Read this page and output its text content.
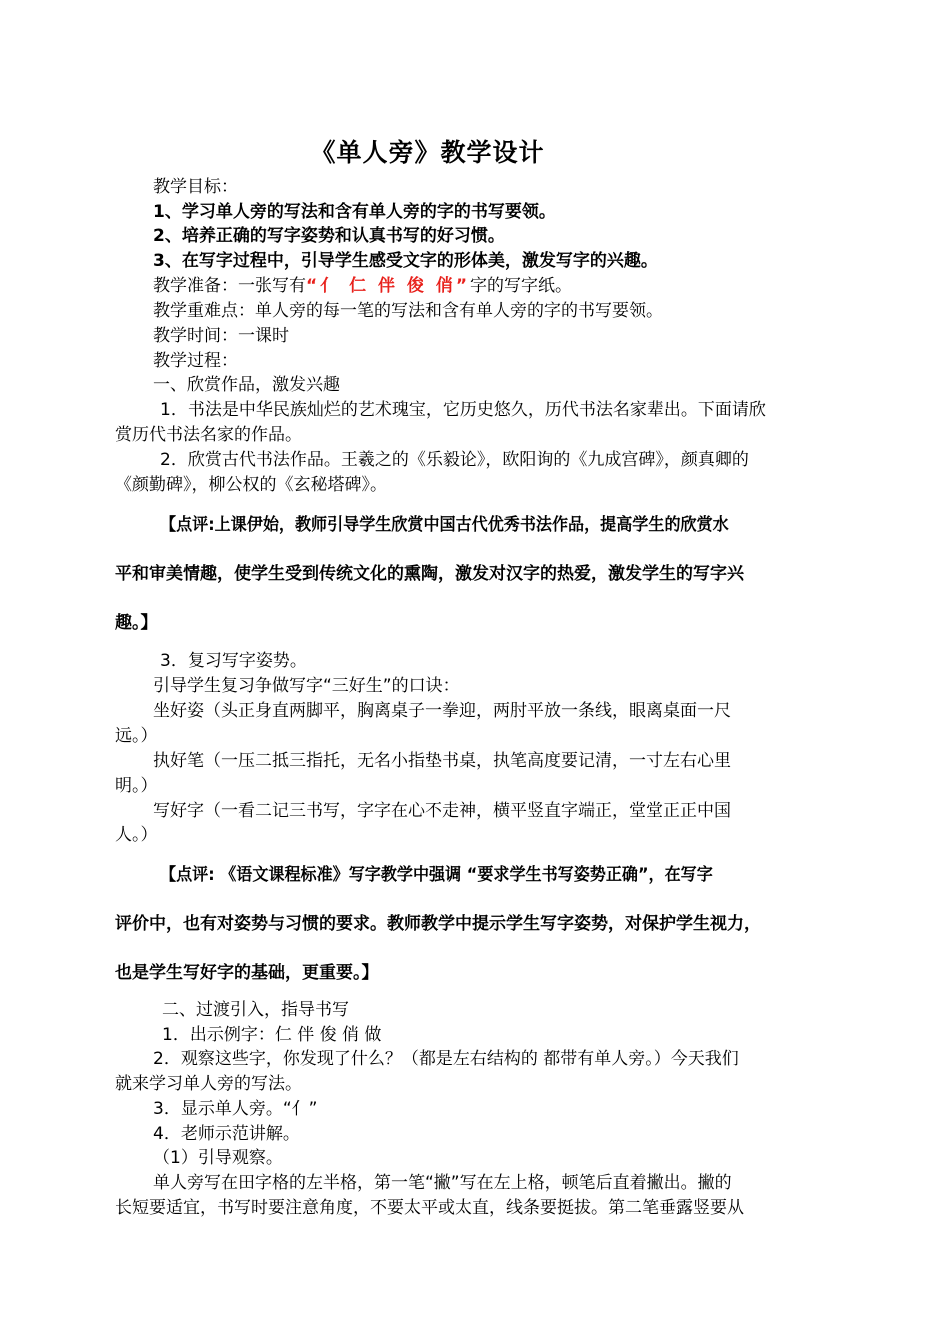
《单人旁》教学设计
教学目标：
1、学习单人旁的写法和含有单人旁的字的书写要领。
2、培养正确的写字姿势和认真书写的好习惯。
3、在写字过程中，引导学生感受文字的形体美，激发写字的兴趣。
教学准备：一张写有“亻 仁 伴 俊 俏”字的写字纸。
教学重难点：单人旁的每一笔的写法和含有单人旁的字的书写要领。
教学时间：一课时
教学过程：
一、欣赏作品，激发兴趣
1．书法是中华民族灿烂的艺术瑰宝，它历史悠久，历代书法名家辈出。下面请欣
赏历代书法名家的作品。
2．欣赏古代书法作品。王羲之的《乐毅论》，欧阳询的《九成宫碑》，颜真卿的
《颜勤碑》，柳公权的《玄秘塔碑》。
【点评:上课伊始，教师引导学生欣赏中国古代优秀书法作品，提高学生的欣赏水
平和审美情趣，使学生受到传统文化的熏陶，激发对汉字的热爱，激发学生的写字兴
趣。】
3．复习写字姿势。
引导学生复习争做写字“三好生”的口诀：
坐好姿（头正身直两脚平，胸离桌子一拳迎，两肘平放一条线，眼离桌面一尺
远。）
执好笔（一压二抵三指托，无名小指垫书桌，执笔高度要记清，一寸左右心里
明。）
写好字（一看二记三书写，字字在心不走神，横平竖直字端正，堂堂正正中国
人。）
【点评: 《语文课程标准》写字教学中强调 “要求学生书写姿势正确”，在写字
评价中，也有对姿势与习惯的要求。教师教学中提示学生写字姿势，对保护学生视力，
也是学生写好字的基础，更重要。】
二、过渡引入，指导书写
1．出示例字：仁 伴 俊 俏 做
2．观察这些字，你发现了什么？（都是左右结构的 都带有单人旁。）今天我们
就来学习单人旁的写法。
3．显示单人旁。“亻”
4．老师示范讲解。
（1）引导观察。
单人旁写在田字格的左半格，第一笔“撇”写在左上格，顿笔后直着撇出。撇的
长短要适宜，书写时要注意角度，不要太平或太直，线条要挺拔。第二笔垂露竖要从
